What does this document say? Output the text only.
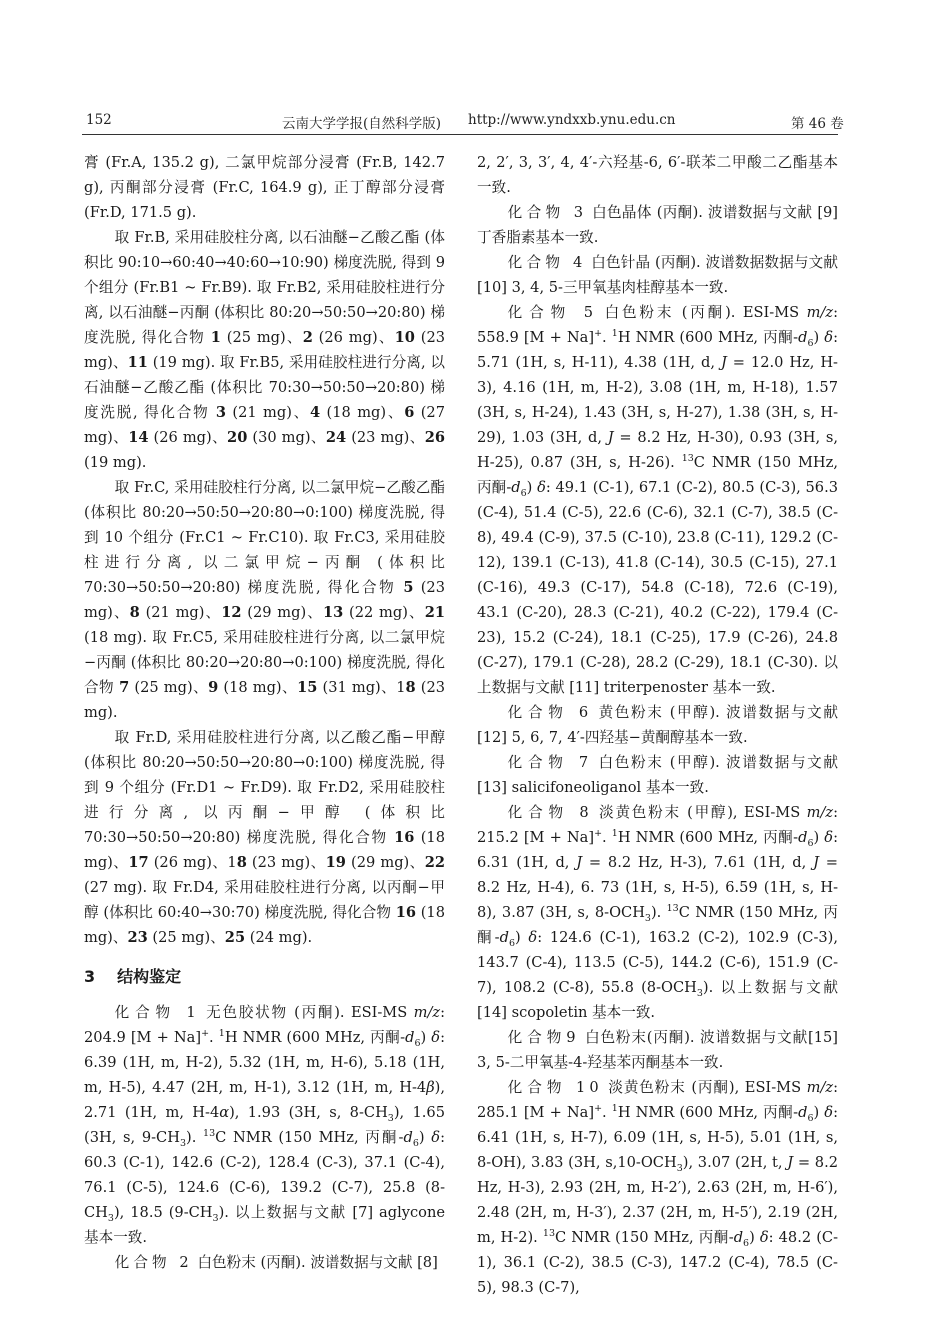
152	云南大学学报(自然科学版) http://www.yndxxb.ynu.edu.cn	第 46 卷

膏 (Fr.A, 135.2 g), 二氯甲烷部分浸膏 (Fr.B, 142.7 g), 丙酮部分浸膏 (Fr.C, 164.9 g), 正丁醇部分浸膏 (Fr.D, 171.5 g).

取 Fr.B, 采用硅胶柱分离, 以石油醚−乙酸乙酯 (体积比 90:10→60:40→40:60→10:90) 梯度洗脱, 得到 9 个组分 (Fr.B1 ~ Fr.B9). 取 Fr.B2, 采用硅胶柱进行分离, 以石油醚−丙酮 (体积比 80:20→50:50→20:80) 梯度洗脱, 得化合物 1 (25 mg)、2 (26 mg)、10 (23 mg)、11 (19 mg). 取 Fr.B5, 采用硅胶柱进行分离, 以石油醚−乙酸乙酯 (体积比 70:30→50:50→20:80) 梯度洗脱, 得化合物 3 (21 mg)、4 (18 mg)、6 (27 mg)、14 (26 mg)、20 (30 mg)、24 (23 mg)、26 (19 mg).

取 Fr.C, 采用硅胶柱行分离, 以二氯甲烷−乙酸乙酯 (体积比 80:20→50:50→20:80→0:100) 梯度洗脱, 得到 10 个组分 (Fr.C1 ~ Fr.C10). 取 Fr.C3, 采用硅胶柱进行分离, 以二氯甲烷−丙酮 (体积比 70:30→50:50→20:80) 梯度洗脱, 得化合物 5 (23 mg)、8 (21 mg)、12 (29 mg)、13 (22 mg)、21 (18 mg). 取 Fr.C5, 采用硅胶柱进行分离, 以二氯甲烷−丙酮 (体积比 80:20→20:80→0:100) 梯度洗脱, 得化合物 7 (25 mg)、9 (18 mg)、15 (31 mg)、18 (23 mg).

取 Fr.D, 采用硅胶柱进行分离, 以乙酸乙酯−甲醇 (体积比 80:20→50:50→20:80→0:100) 梯度洗脱, 得到 9 个组分 (Fr.D1 ~ Fr.D9). 取 Fr.D2, 采用硅胶柱进行分离, 以丙酮−甲醇 (体积比 70:30→50:50→20:80) 梯度洗脱, 得化合物 16 (18 mg)、17 (26 mg)、18 (23 mg)、19 (29 mg)、22 (27 mg). 取 Fr.D4, 采用硅胶柱进行分离, 以丙酮−甲醇 (体积比 60:40→30:70) 梯度洗脱, 得化合物 16 (18 mg)、23 (25 mg)、25 (24 mg).

3 结构鉴定

化合物 1 无色胶状物 (丙酮). ESI-MS m/z: 204.9 [M + Na]+. $^1$H NMR (600 MHz, 丙酮$-d_6$) δ: 6.39 (1H, m, H-2), 5.32 (1H, m, H-6), 5.18 (1H, m, H-5), 4.47 (2H, m, H-1), 3.12 (1H, m, H-4β), 2.71 (1H, m, H-4α), 1.93 (3H, s, $8-CH_3$), 1.65 (3H, s, $9-CH_3$). $^{13}$C NMR (150 MHz, 丙酮$-d_6$) δ: 60.3 (C-1), 142.6 (C-2), 128.4 (C-3), 37.1 (C-4), 76.1 (C-5), 124.6 (C-6), 139.2 (C-7), 25.8 $(8-CH_3)$, 18.5 $(9-CH_3)$. 以上数据与文献 [7] aglycone 基本一致.

化合物 2 白色粉末 (丙酮). 波谱数据与文献 [8]

2, 2′, 3, 3′, 4, 4′-六羟基-6, 6′-联苯二甲酸二乙酯基本一致.

化合物 3 白色晶体 (丙酮). 波谱数据与文献 [9] 丁香脂素基本一致.

化合物 4 白色针晶 (丙酮). 波谱数据数据与文献 [10] 3, 4, 5-三甲氧基肉桂醇基本一致.

化合物 5 白色粉末 (丙酮). ESI-MS m/z: 558.9 [M + Na]+. $^1$H NMR (600 MHz, 丙酮$-d_6$) δ: 5.71 (1H, s, H-11), 4.38 (1H, d, J = 12.0 Hz, H-3), 4.16 (1H, m, H-2), 3.08 (1H, m, H-18), 1.57 (3H, s, H-24), 1.43 (3H, s, H-27), 1.38 (3H, s, H-29), 1.03 (3H, d, J = 8.2 Hz, H-30), 0.93 (3H, s, H-25), 0.87 (3H, s, H-26). $^{13}$C NMR (150 MHz, 丙酮$-d_6$) δ: 49.1 (C-1), 67.1 (C-2), 80.5 (C-3), 56.3 (C-4), 51.4 (C-5), 22.6 (C-6), 32.1 (C-7), 38.5 (C-8), 49.4 (C-9), 37.5 (C-10), 23.8 (C-11), 129.2 (C-12), 139.1 (C-13), 41.8 (C-14), 30.5 (C-15), 27.1 (C-16), 49.3 (C-17), 54.8 (C-18), 72.6 (C-19), 43.1 (C-20), 28.3 (C-21), 40.2 (C-22), 179.4 (C-23), 15.2 (C-24), 18.1 (C-25), 17.9 (C-26), 24.8 (C-27), 179.1 (C-28), 28.2 (C-29), 18.1 (C-30). 以上数据与文献 [11] triterpenoster 基本一致.

化合物 6 黄色粉末 (甲醇). 波谱数据与文献 [12] 5, 6, 7, 4′-四羟基−黄酮醇基本一致.

化合物 7 白色粉末 (甲醇). 波谱数据与文献 [13] salicifoneoliganol 基本一致.

化合物 8 淡黄色粉末 (甲醇), ESI-MS m/z: 215.2 [M + Na]+. $^1$H NMR (600 MHz, 丙酮$-d_6$) δ: 6.31 (1H, d, J = 8.2 Hz, H-3), 7.61 (1H, d, J = 8.2 Hz, H-4), 6. 73 (1H, s, H-5), 6.59 (1H, s, H-8), 3.87 (3H, s, $8-OCH_3$). $^{13}$C NMR (150 MHz, 丙酮$-d_6$) δ: 124.6 (C-1), 163.2 (C-2), 102.9 (C-3), 143.7 (C-4), 113.5 (C-5), 144.2 (C-6), 151.9 (C-7), 108.2 (C-8), 55.8 $(8-OCH_3)$. 以上数据与文献 [14] scopoletin 基本一致.

化合物9 白色粉末(丙酮). 波谱数据与文献[15] 3, 5-二甲氧基-4-羟基苯丙酮基本一致.

化合物 10 淡黄色粉末 (丙酮), ESI-MS m/z: 285.1 [M + Na]+. $^1$H NMR (600 MHz, 丙酮$-d_6$) δ: 6.41 (1H, s, H-7), 6.09 (1H, s, H-5), 5.01 (1H, s, 8-OH), 3.83 (3H, $s,10-OCH_3$), 3.07 (2H, t, J = 8.2 Hz, H-3), 2.93 (2H, m, H-2′), 2.63 (2H, m, H-6′), 2.48 (2H, m, H-3′), 2.37 (2H, m, H-5′), 2.19 (2H, m, H-2). $^{13}$C NMR (150 MHz, 丙酮$-d_6$) δ: 48.2 (C-1), 36.1 (C-2), 38.5 (C-3), 147.2 (C-4), 78.5 (C-5), 98.3 (C-7),
